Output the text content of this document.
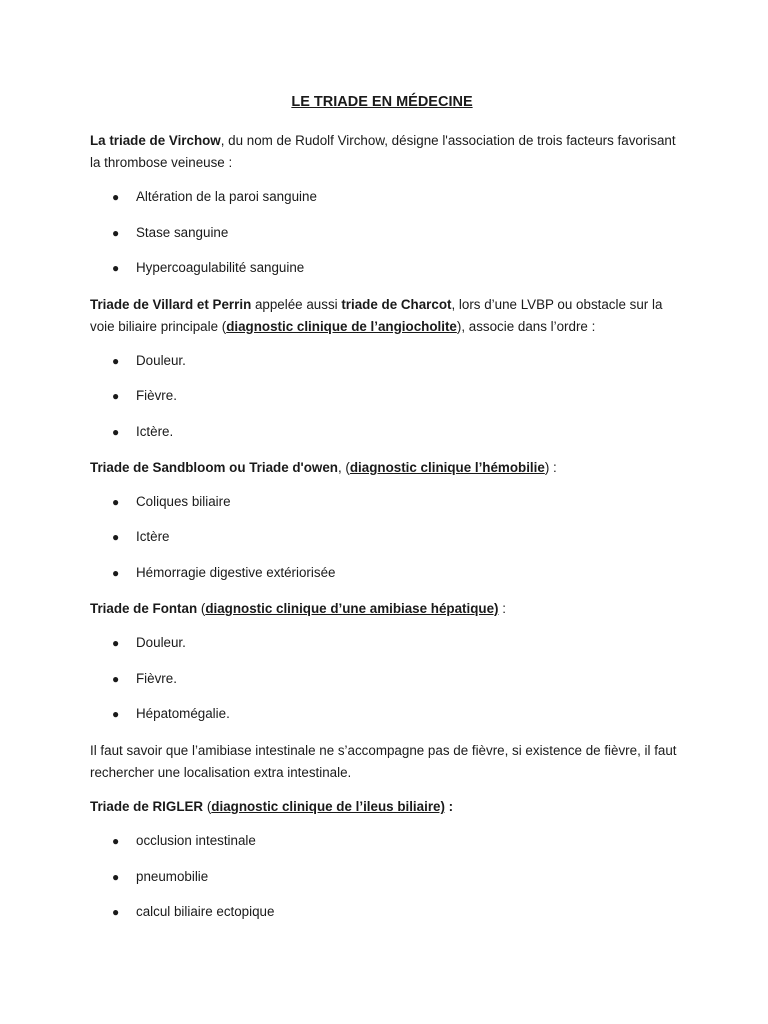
LE TRIADE EN MÉDECINE

La triade de Virchow, du nom de Rudolf Virchow, désigne l'association de trois facteurs favorisant la thrombose veineuse :

● Altération de la paroi sanguine

● Stase sanguine

● Hypercoagulabilité sanguine

Triade de Villard et Perrin appelée aussi triade de Charcot, lors d’une LVBP ou obstacle sur la voie biliaire principale (diagnostic clinique de l’angiocholite), associe dans l’ordre :

● Douleur.

● Fièvre.

● Ictère.

Triade de Sandbloom ou Triade d'owen, (diagnostic clinique l’hémobilie) :

● Coliques biliaire

● Ictère

● Hémorragie digestive extériorisée

Triade de Fontan (diagnostic clinique d’une amibiase hépatique) :

● Douleur.

● Fièvre.

● Hépatomégalie.

Il faut savoir que l’amibiase intestinale ne s’accompagne pas de fièvre, si existence de fièvre, il faut rechercher une localisation extra intestinale.

Triade de RIGLER (diagnostic clinique de l’ileus biliaire) :

● occlusion intestinale

● pneumobilie

● calcul biliaire ectopique
